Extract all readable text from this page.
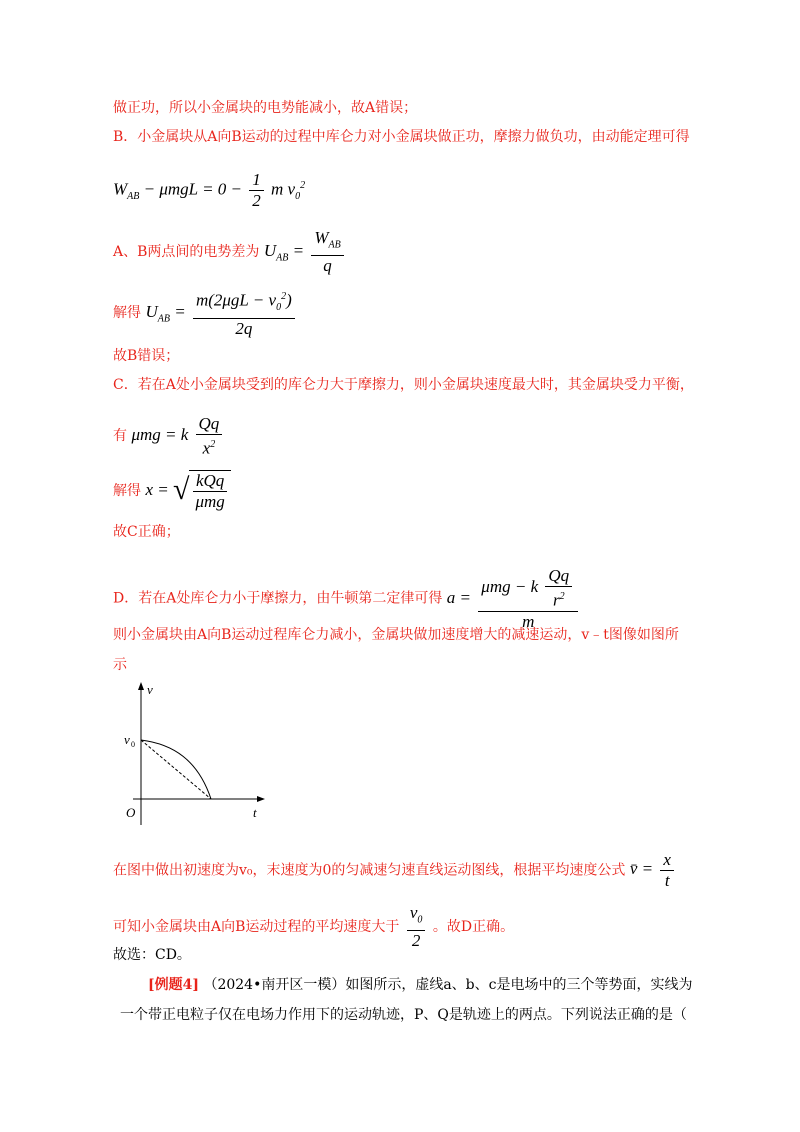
做正功，所以小金属块的电势能减小，故A错误；
B．小金属块从A向B运动的过程中库仑力对小金属块做正功，摩擦力做负功，由动能定理可得
$W_{AB} - \mu mgL = 0 - \frac{1}{2}$ m $v_0^2$
A、B两点间的电势差为 $U_{AB} = \frac{W_{AB}}{q}$
解得 $U_{AB} = \frac{m(2\mu gL - v_0^2)}{2q}$
故B错误；
C．若在A处小金属块受到的库仑力大于摩擦力，则小金属块速度最大时，其金属块受力平衡，
有 μmg = k $\frac{Qq}{x^2}$
解得 x = √ $\frac{\text{kQq}}{\text{μmg}}$
故C正确；
D．若在A处库仑力小于摩擦力，由牛顿第二定律可得 $a = \frac{\mu mg - k \frac{Qq}{r^2}}{m}$
则小金属块由A向B运动过程库仑力减小，金属块做加速度增大的减速运动，v﹣t图像如图所
示
v
t
O
v 0
在图中做出初速度为v₀，末速度为0的匀减速匀速直线运动图线，根据平均速度公式 v̄ = $\frac{x}{t}$
可知小金属块由A向B运动过程的平均速度大于 $\frac{v_0}{2}$ 。故D正确。
故选：CD。
[例题4] （2024•南开区一模）如图所示，虚线a、b、c是电场中的三个等势面，实线为
一个带正电粒子仅在电场力作用下的运动轨迹，P、Q是轨迹上的两点。下列说法正确的是（
